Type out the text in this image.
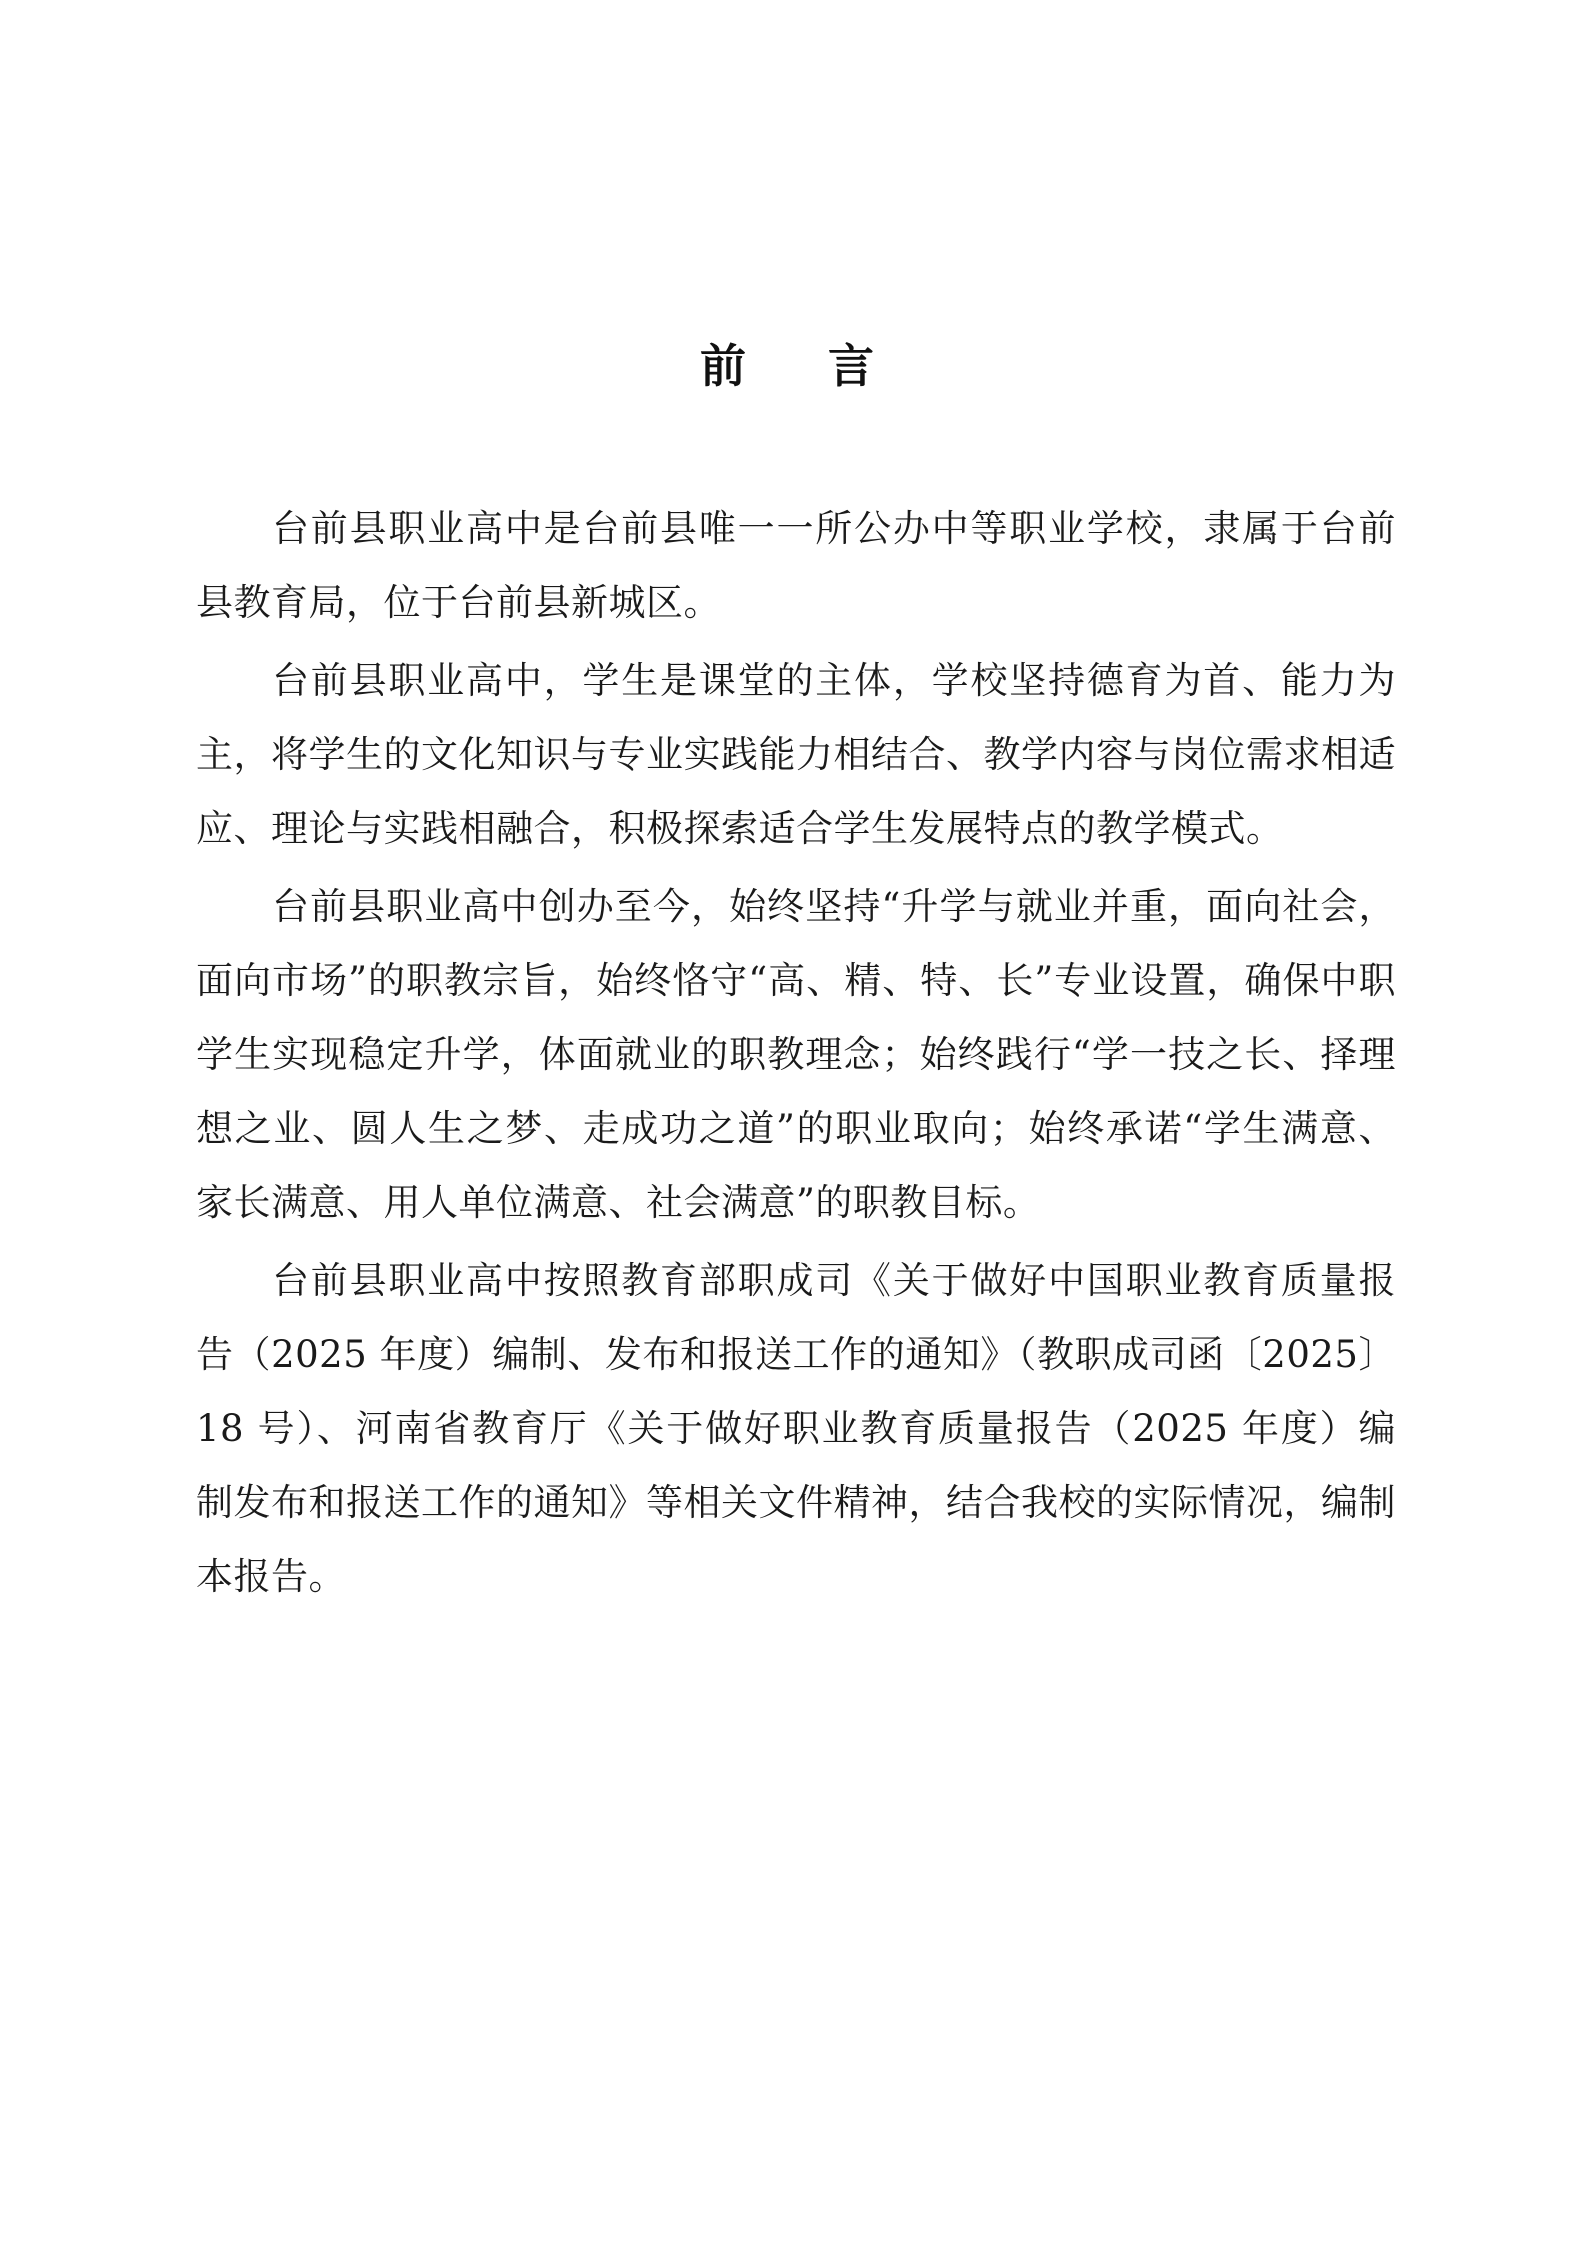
前　言

台前县职业高中是台前县唯一一所公办中等职业学校，隶属于台前县教育局，位于台前县新城区。

台前县职业高中，学生是课堂的主体，学校坚持德育为首、能力为主，将学生的文化知识与专业实践能力相结合、教学内容与岗位需求相适应、理论与实践相融合，积极探索适合学生发展特点的教学模式。

台前县职业高中创办至今，始终坚持“升学与就业并重，面向社会，面向市场”的职教宗旨，始终恪守“高、精、特、长”专业设置，确保中职学生实现稳定升学，体面就业的职教理念；始终践行“学一技之长、择理想之业、圆人生之梦、走成功之道”的职业取向；始终承诺“学生满意、家长满意、用人单位满意、社会满意”的职教目标。

台前县职业高中按照教育部职成司《关于做好中国职业教育质量报告（2025 年度）编制、发布和报送工作的通知》（教职成司函〔2025〕18 号）、河南省教育厅《关于做好职业教育质量报告（2025 年度）编制发布和报送工作的通知》等相关文件精神，结合我校的实际情况，编制本报告。
